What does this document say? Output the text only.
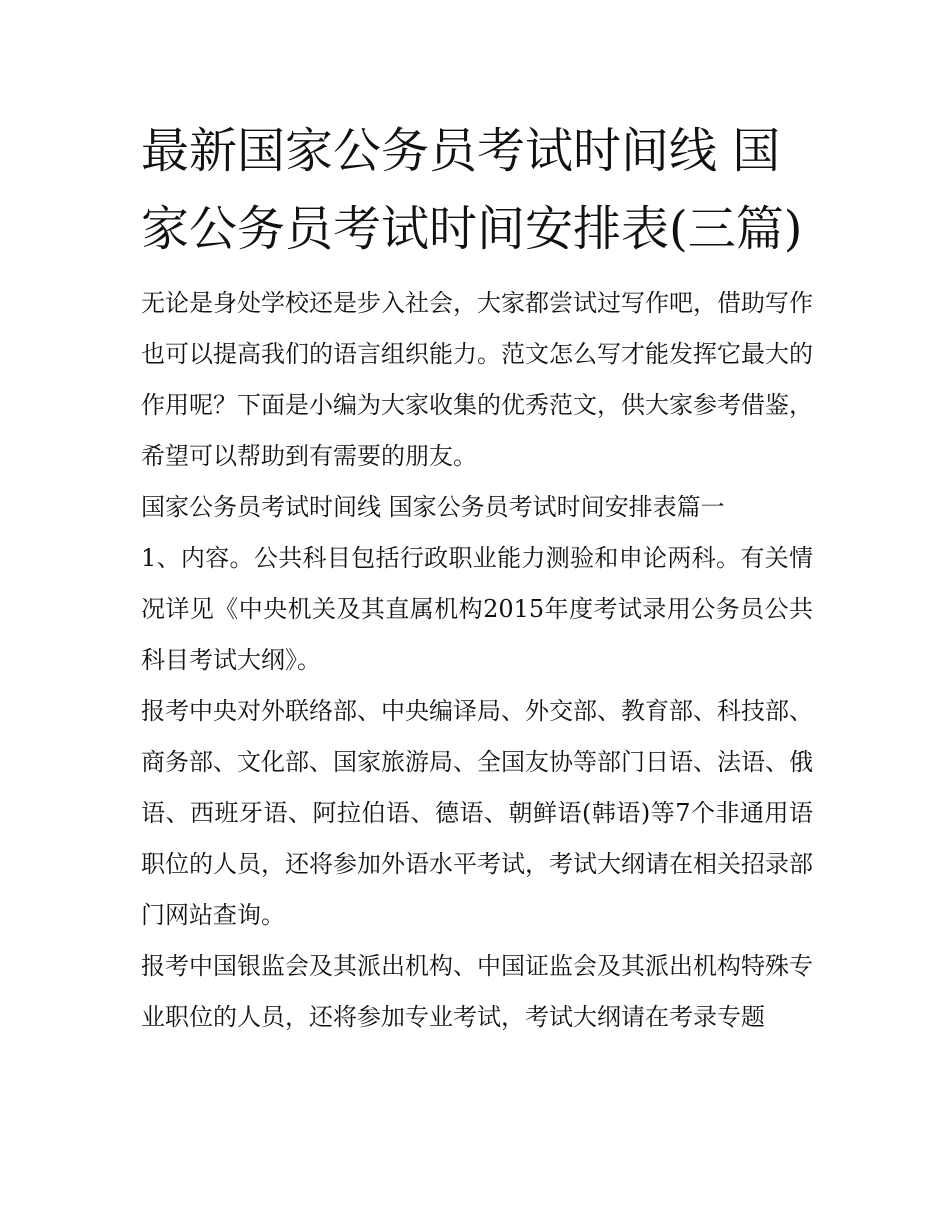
最新国家公务员考试时间线 国家公务员考试时间安排表(三篇)

无论是身处学校还是步入社会，大家都尝试过写作吧，借助写作也可以提高我们的语言组织能力。范文怎么写才能发挥它最大的作用呢？下面是小编为大家收集的优秀范文，供大家参考借鉴，希望可以帮助到有需要的朋友。

国家公务员考试时间线 国家公务员考试时间安排表篇一

1、内容。公共科目包括行政职业能力测验和申论两科。有关情况详见《中央机关及其直属机构2015年度考试录用公务员公共科目考试大纲》。

报考中央对外联络部、中央编译局、外交部、教育部、科技部、商务部、文化部、国家旅游局、全国友协等部门日语、法语、俄语、西班牙语、阿拉伯语、德语、朝鲜语(韩语)等7个非通用语职位的人员，还将参加外语水平考试，考试大纲请在相关招录部门网站查询。

报考中国银监会及其派出机构、中国证监会及其派出机构特殊专业职位的人员，还将参加专业考试，考试大纲请在考录专题
